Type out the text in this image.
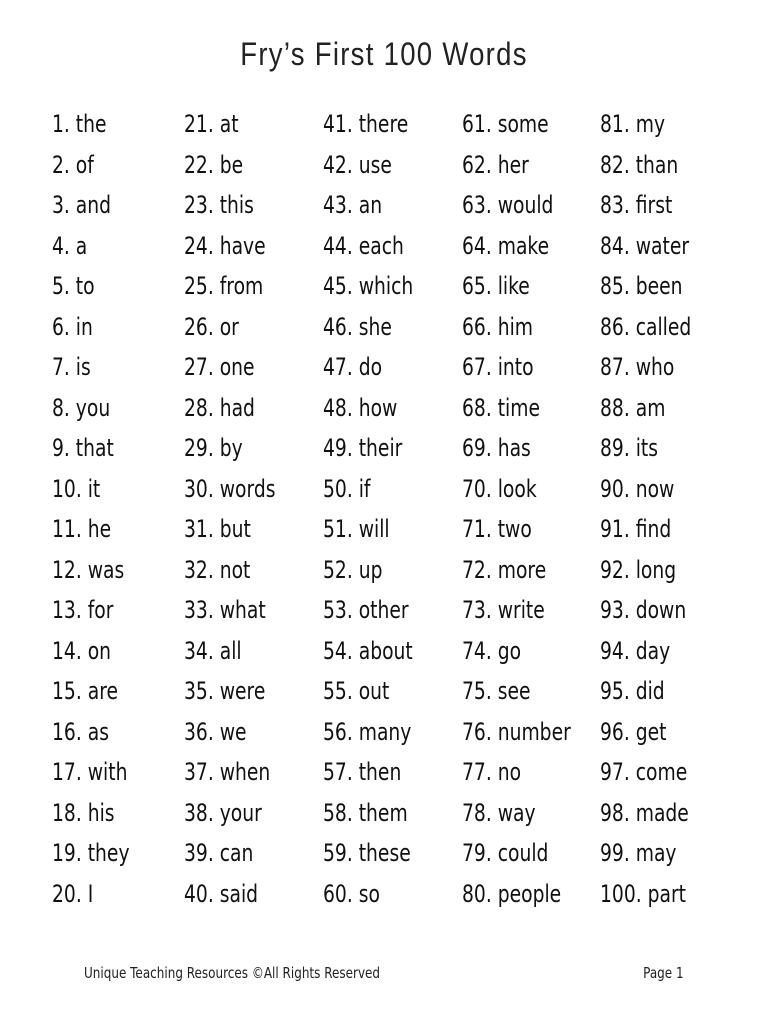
Fry’s First 100 Words
1. the
2. of
3. and
4. a
5. to
6. in
7. is
8. you
9. that
10. it
11. he
12. was
13. for
14. on
15. are
16. as
17. with
18. his
19. they
20. I
21. at
22. be
23. this
24. have
25. from
26. or
27. one
28. had
29. by
30. words
31. but
32. not
33. what
34. all
35. were
36. we
37. when
38. your
39. can
40. said
41. there
42. use
43. an
44. each
45. which
46. she
47. do
48. how
49. their
50. if
51. will
52. up
53. other
54. about
55. out
56. many
57. then
58. them
59. these
60. so
61. some
62. her
63. would
64. make
65. like
66. him
67. into
68. time
69. has
70. look
71. two
72. more
73. write
74. go
75. see
76. number
77. no
78. way
79. could
80. people
81. my
82. than
83. first
84. water
85. been
86. called
87. who
88. am
89. its
90. now
91. find
92. long
93. down
94. day
95. did
96. get
97. come
98. made
99. may
100. part
Unique Teaching Resources ©All Rights Reserved	Page 1
